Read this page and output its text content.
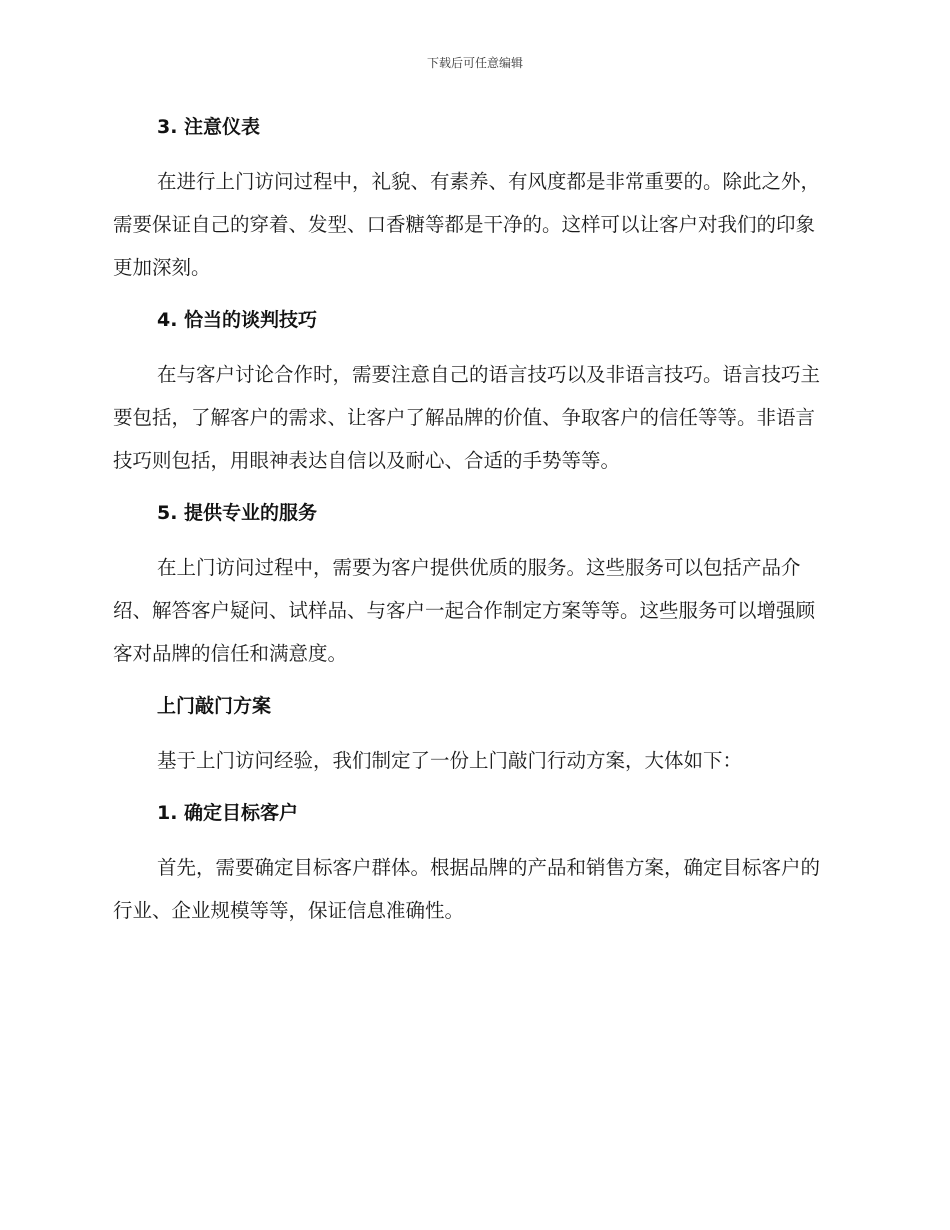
下载后可任意编辑
3. 注意仪表

在进行上门访问过程中，礼貌、有素养、有风度都是非常重要的。除此之外，需要保证自己的穿着、发型、口香糖等都是干净的。这样可以让客户对我们的印象更加深刻。

4. 恰当的谈判技巧

在与客户讨论合作时，需要注意自己的语言技巧以及非语言技巧。语言技巧主要包括，了解客户的需求、让客户了解品牌的价值、争取客户的信任等等。非语言技巧则包括，用眼神表达自信以及耐心、合适的手势等等。

5. 提供专业的服务

在上门访问过程中，需要为客户提供优质的服务。这些服务可以包括产品介绍、解答客户疑问、试样品、与客户一起合作制定方案等等。这些服务可以增强顾客对品牌的信任和满意度。

上门敲门方案

基于上门访问经验，我们制定了一份上门敲门行动方案，大体如下：

1. 确定目标客户

首先，需要确定目标客户群体。根据品牌的产品和销售方案，确定目标客户的行业、企业规模等等，保证信息准确性。
